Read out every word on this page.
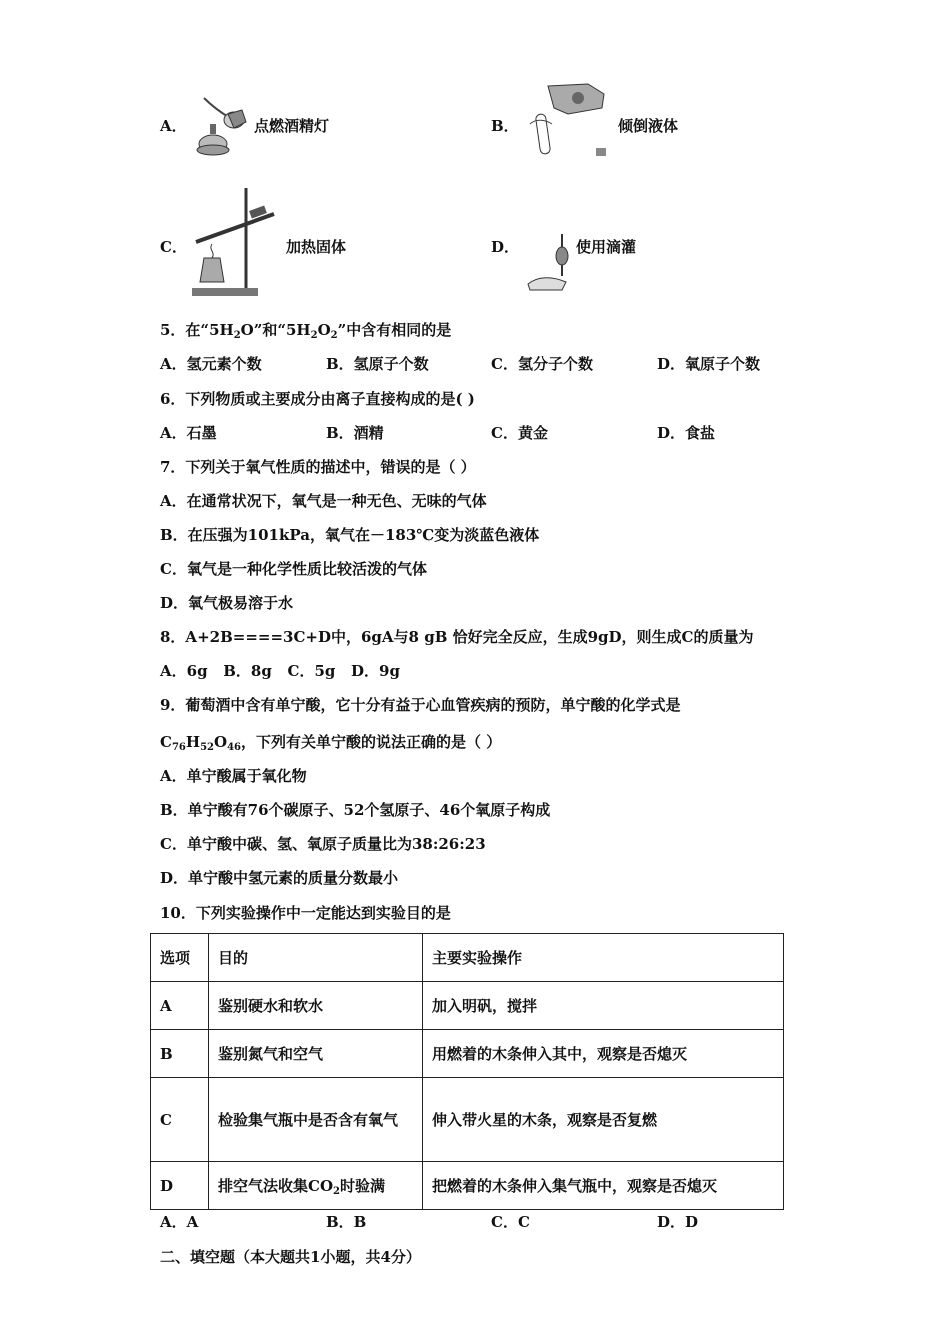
A．	点燃酒精灯	B．	倾倒液体
C．	加热固体	D．	使用滴灌
5．在“$5H_2O$”和“$5H_2O_2$”中含有相同的是
A．氢元素个数	B．氢原子个数	C．氢分子个数	D．氧原子个数
6．下列物质或主要成分由离子直接构成的是( )
A．石墨	B．酒精	C．黄金	D．食盐
7．下列关于氧气性质的描述中，错误的是（ ）
A．在通常状况下，氧气是一种无色、无味的气体
B．在压强为101kPa，氧气在－183℃变为淡蓝色液体
C．氧气是一种化学性质比较活泼的气体
D．氧气极易溶于水
8．A+2B====3C+D中，6gA与8 gB 恰好完全反应，生成9gD，则生成C的质量为
A．6g   B．8g   C．5g   D．9g
9．葡萄酒中含有单宁酸，它十分有益于心血管疾病的预防，单宁酸的化学式是
$C_{76}H_{52}O_{46}$，下列有关单宁酸的说法正确的是（ ）
A．单宁酸属于氧化物
B．单宁酸有76个碳原子、52个氢原子、46个氧原子构成
C．单宁酸中碳、氢、氧原子质量比为38:26:23
D．单宁酸中氢元素的质量分数最小
10．下列实验操作中一定能达到实验目的是
选项	目的	主要实验操作
A	鉴别硬水和软水	加入明矾，搅拌
B	鉴别氮气和空气	用燃着的木条伸入其中，观察是否熄灭
C	检验集气瓶中是否含有氧气	伸入带火星的木条，观察是否复燃
D	排空气法收集$CO_2$时验满	把燃着的木条伸入集气瓶中，观察是否熄灭
A．A	B．B	C．C	D．D
二、填空题（本大题共1小题，共4分）
